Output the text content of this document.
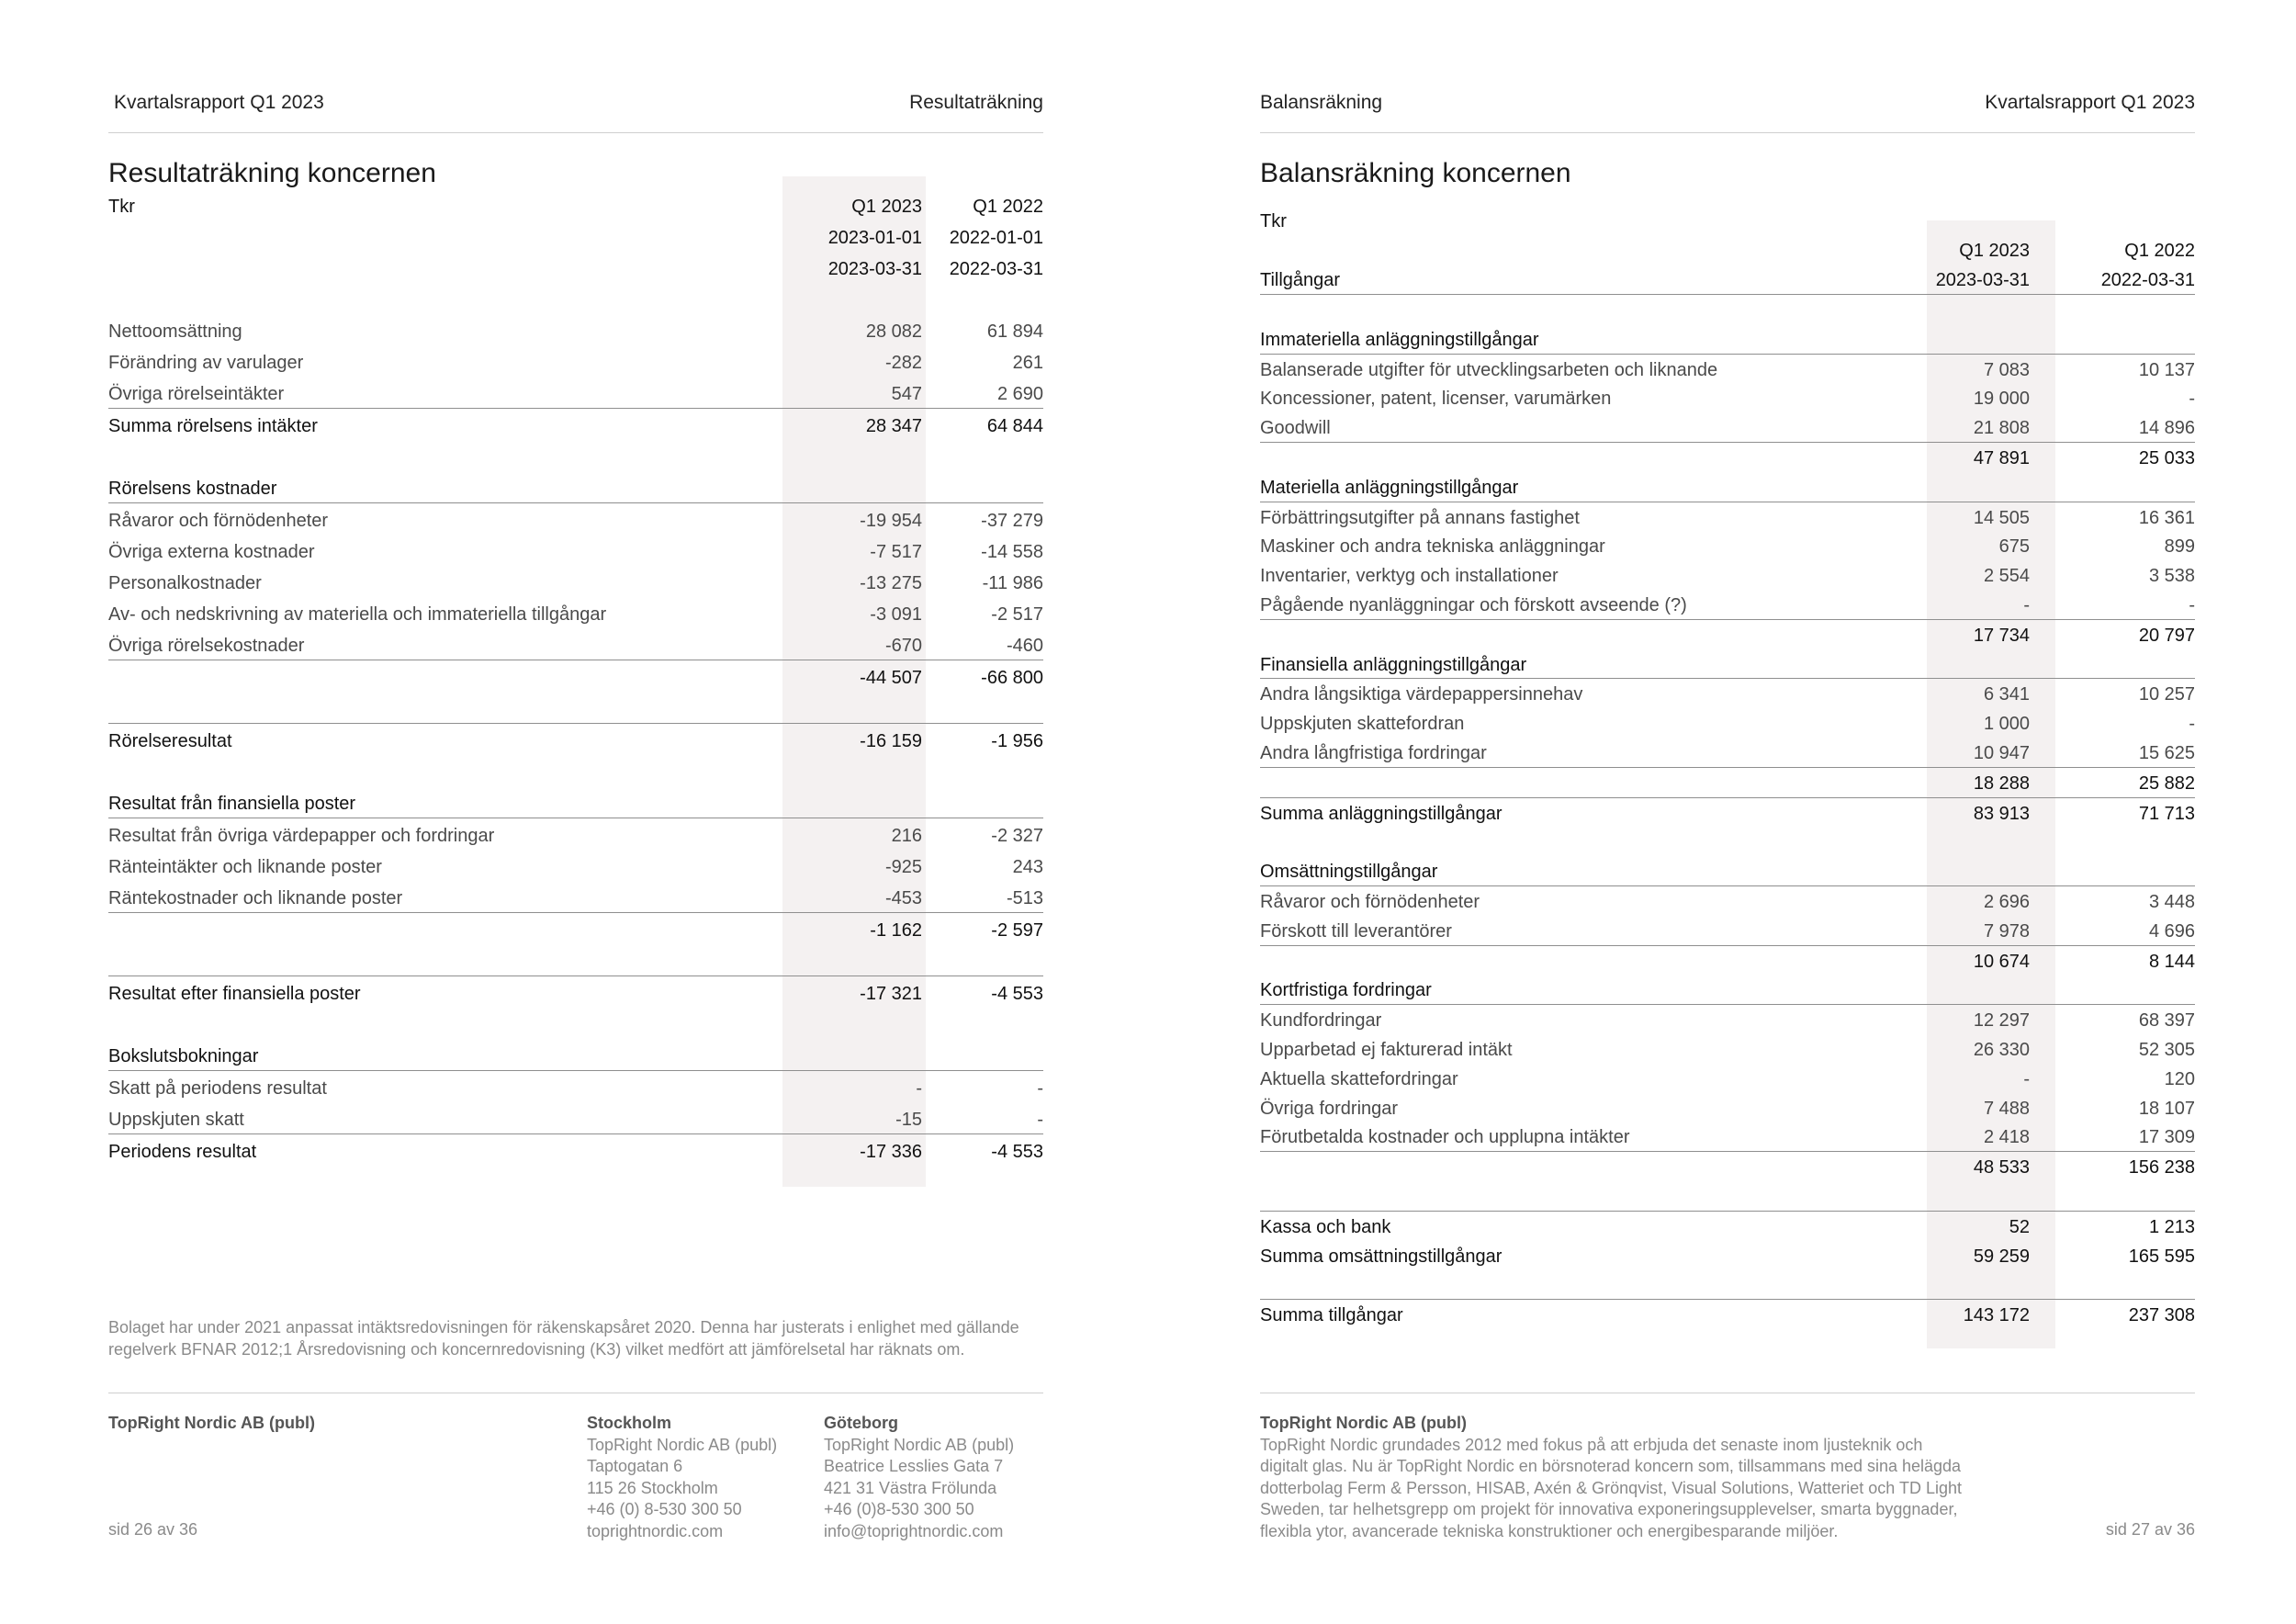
Kvartalsrapport Q1 2023	Resultaträkning
Resultaträkning koncernen
Tkr	Q1 2023	Q1 2022
2023-01-01 2022-01-01
2023-03-31 2022-03-31
Nettoomsättning	28 082	61 894
Förändring av varulager	-282	261
Övriga rörelseintäkter	547	2 690
Summa rörelsens intäkter	28 347	64 844
Rörelsens kostnader
Råvaror och förnödenheter	-19 954	-37 279
Övriga externa kostnader	-7 517	-14 558
Personalkostnader	-13 275	-11 986
Av- och nedskrivning av materiella och immateriella tillgångar	-3 091	-2 517
Övriga rörelsekostnader	-670	-460
-44 507	-66 800
Rörelseresultat	-16 159	-1 956
Resultat från finansiella poster
Resultat från övriga värdepapper och fordringar	216	-2 327
Ränteintäkter och liknande poster	-925	243
Räntekostnader och liknande poster	-453	-513
-1 162	-2 597
Resultat efter finansiella poster	-17 321	-4 553
Bokslutsbokningar
Skatt på periodens resultat	-	-
Uppskjuten skatt	-15	-
Periodens resultat	-17 336	-4 553
Bolaget har under 2021 anpassat intäktsredovisningen för räkenskapsåret 2020. Denna har justerats i enlighet med gällande
regelverk BFNAR 2012;1 Årsredovisning och koncernredovisning (K3) vilket medfört att jämförelsetal har räknats om.
TopRight Nordic AB (publ)	Stockholm
TopRight Nordic AB (publ)
Taptogatan 6
115 26 Stockholm
+46 (0) 8-530 300 50
toprightnordic.com
Göteborg
TopRight Nordic AB (publ)
Beatrice Lesslies Gata 7
421 31 Västra Frölunda
+46 (0)8-530 300 50
info@toprightnordic.com
sid 26 av 36
Balansräkning	Kvartalsrapport Q1 2023
Balansräkning koncernen
Tkr
Q1 2023	Q1 2022
Tillgångar	2023-03-31	2022-03-31
Immateriella anläggningstillgångar
Balanserade utgifter för utvecklingsarbeten och liknande	7 083	10 137
Koncessioner, patent, licenser, varumärken	19 000	-
Goodwill	21 808	14 896
47 891	25 033
Materiella anläggningstillgångar
Förbättringsutgifter på annans fastighet	14 505	16 361
Maskiner och andra tekniska anläggningar	675	899
Inventarier, verktyg och installationer	2 554	3 538
Pågående nyanläggningar och förskott avseende (?)	-	-
17 734	20 797
Finansiella anläggningstillgångar
Andra långsiktiga värdepappersinnehav	6 341	10 257
Uppskjuten skattefordran	1 000	-
Andra långfristiga fordringar	10 947	15 625
18 288	25 882
Summa anläggningstillgångar	83 913	71 713
Omsättningstillgångar
Råvaror och förnödenheter	2 696	3 448
Förskott till leverantörer	7 978	4 696
10 674	8 144
Kortfristiga fordringar
Kundfordringar	12 297	68 397
Upparbetad ej fakturerad intäkt	26 330	52 305
Aktuella skattefordringar	-	120
Övriga fordringar	7 488	18 107
Förutbetalda kostnader och upplupna intäkter	2 418	17 309
48 533	156 238
Kassa och bank	52	1 213
Summa omsättningstillgångar	59 259	165 595
Summa tillgångar	143 172	237 308
TopRight Nordic AB (publ)
TopRight Nordic grundades 2012 med fokus på att erbjuda det senaste inom ljusteknik och
digitalt glas. Nu är TopRight Nordic en börsnoterad koncern som, tillsammans med sina helägda
dotterbolag Ferm & Persson, HISAB, Axén & Grönqvist, Visual Solutions, Watteriet och TD Light
Sweden, tar helhetsgrepp om projekt för innovativa exponeringsupplevelser, smarta byggnader,
flexibla ytor, avancerade tekniska konstruktioner och energibesparande miljöer.	sid 27 av 36
